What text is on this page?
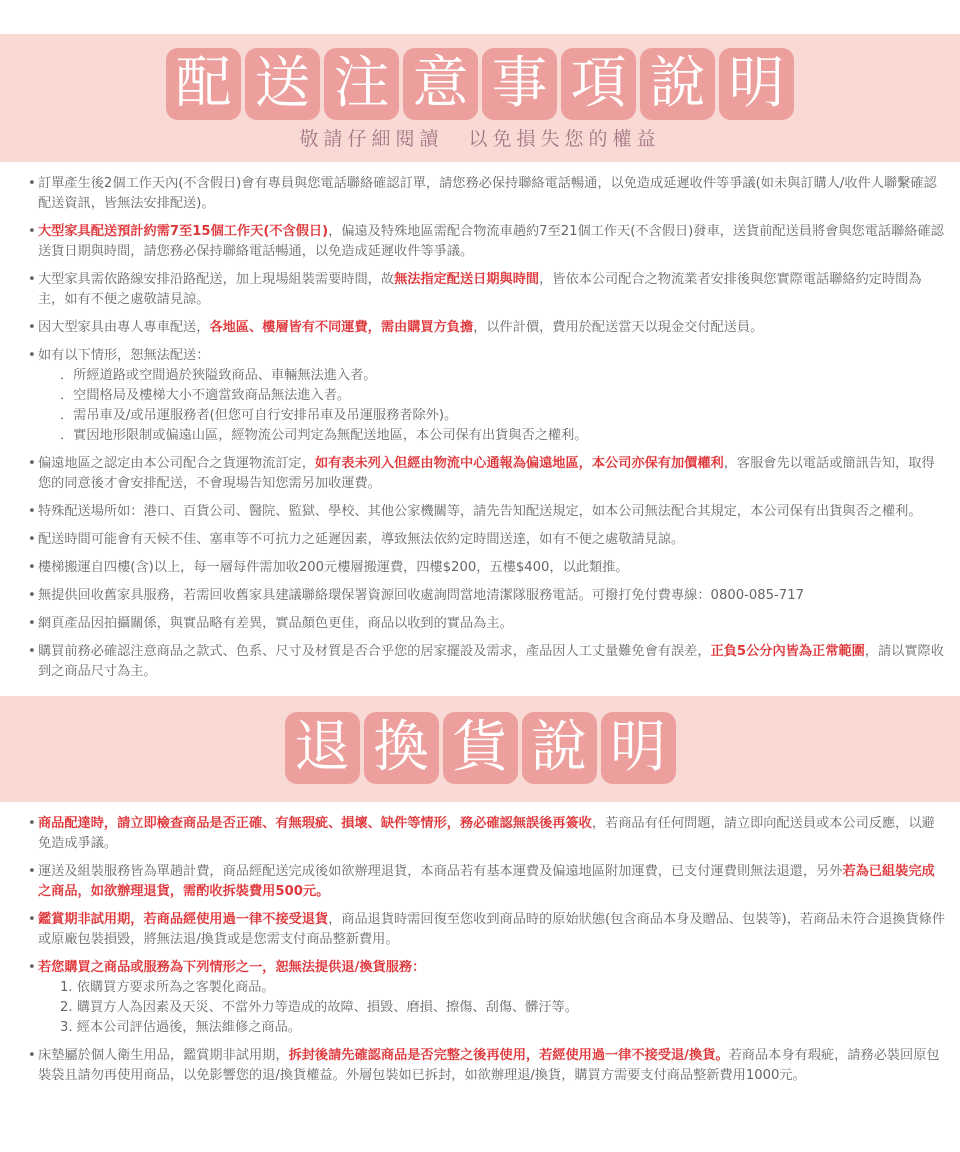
配 送 注 意 事 項 說 明
敬請仔細閱讀 以免損失您的權益
• 訂單產生後2個工作天內(不含假日)會有專員與您電話聯絡確認訂單，請您務必保持聯絡電話暢通，以免造成延遲收件等爭議(如未與訂購人/收件人聯繫確認配送資訊，皆無法安排配送)。
• 大型家具配送預計約需7至15個工作天(不含假日)，偏遠及特殊地區需配合物流車趟約7至21個工作天(不含假日)發車，送貨前配送員將會與您電話聯絡確認送貨日期與時間，請您務必保持聯絡電話暢通，以免造成延遲收件等爭議。
• 大型家具需依路線安排沿路配送，加上現場組裝需要時間，故無法指定配送日期與時間，皆依本公司配合之物流業者安排後與您實際電話聯絡約定時間為主，如有不便之處敬請見諒。
• 因大型家具由專人專車配送，各地區、樓層皆有不同運費，需由購買方負擔，以件計價，費用於配送當天以現金交付配送員。
• 如有以下情形，恕無法配送：
．所經道路或空間過於狹隘致商品、車輛無法進入者。
．空間格局及樓梯大小不適當致商品無法進入者。
．需吊車及/或吊運服務者(但您可自行安排吊車及吊運服務者除外)。
．實因地形限制或偏遠山區，經物流公司判定為無配送地區，本公司保有出貨與否之權利。
• 偏遠地區之認定由本公司配合之貨運物流訂定，如有表未列入但經由物流中心通報為偏遠地區，本公司亦保有加價權利，客服會先以電話或簡訊告知，取得您的同意後才會安排配送，不會現場告知您需另加收運費。
• 特殊配送場所如：港口、百貨公司、醫院、監獄、學校、其他公家機關等，請先告知配送規定，如本公司無法配合其規定，本公司保有出貨與否之權利。
• 配送時間可能會有天候不佳、塞車等不可抗力之延遲因素，導致無法依約定時間送達，如有不便之處敬請見諒。
• 樓梯搬運自四樓(含)以上，每一層每件需加收200元樓層搬運費，四樓$200，五樓$400，以此類推。
• 無提供回收舊家具服務，若需回收舊家具建議聯絡環保署資源回收處詢問當地清潔隊服務電話。可撥打免付費專線：0800-085-717
• 網頁產品因拍攝關係，與實品略有差異，實品顏色更佳，商品以收到的實品為主。
• 購買前務必確認注意商品之款式、色系、尺寸及材質是否合乎您的居家擺設及需求，產品因人工丈量難免會有誤差，正負5公分內皆為正常範圍，請以實際收到之商品尺寸為主。
退 換 貨 說 明
• 商品配達時，請立即檢查商品是否正確、有無瑕疵、損壞、缺件等情形，務必確認無誤後再簽收，若商品有任何問題，請立即向配送員或本公司反應，以避免造成爭議。
• 運送及組裝服務皆為單趟計費，商品經配送完成後如欲辦理退貨，本商品若有基本運費及偏遠地區附加運費，已支付運費則無法退還，另外若為已組裝完成之商品，如欲辦理退貨，需酌收拆裝費用500元。
• 鑑賞期非試用期，若商品經使用過一律不接受退貨，商品退貨時需回復至您收到商品時的原始狀態(包含商品本身及贈品、包裝等)，若商品未符合退換貨條件或原廠包裝損毀，將無法退/換貨或是您需支付商品整新費用。
• 若您購買之商品或服務為下列情形之一，恕無法提供退/換貨服務：
1. 依購買方要求所為之客製化商品。
2. 購買方人為因素及天災、不當外力等造成的故障、損毀、磨損、擦傷、刮傷、髒汙等。
3. 經本公司評估過後，無法維修之商品。
• 床墊屬於個人衛生用品，鑑賞期非試用期，拆封後請先確認商品是否完整之後再使用，若經使用過一律不接受退/換貨。若商品本身有瑕疵，請務必裝回原包裝袋且請勿再使用商品，以免影響您的退/換貨權益。外層包裝如已拆封，如欲辦理退/換貨，購買方需要支付商品整新費用1000元。
